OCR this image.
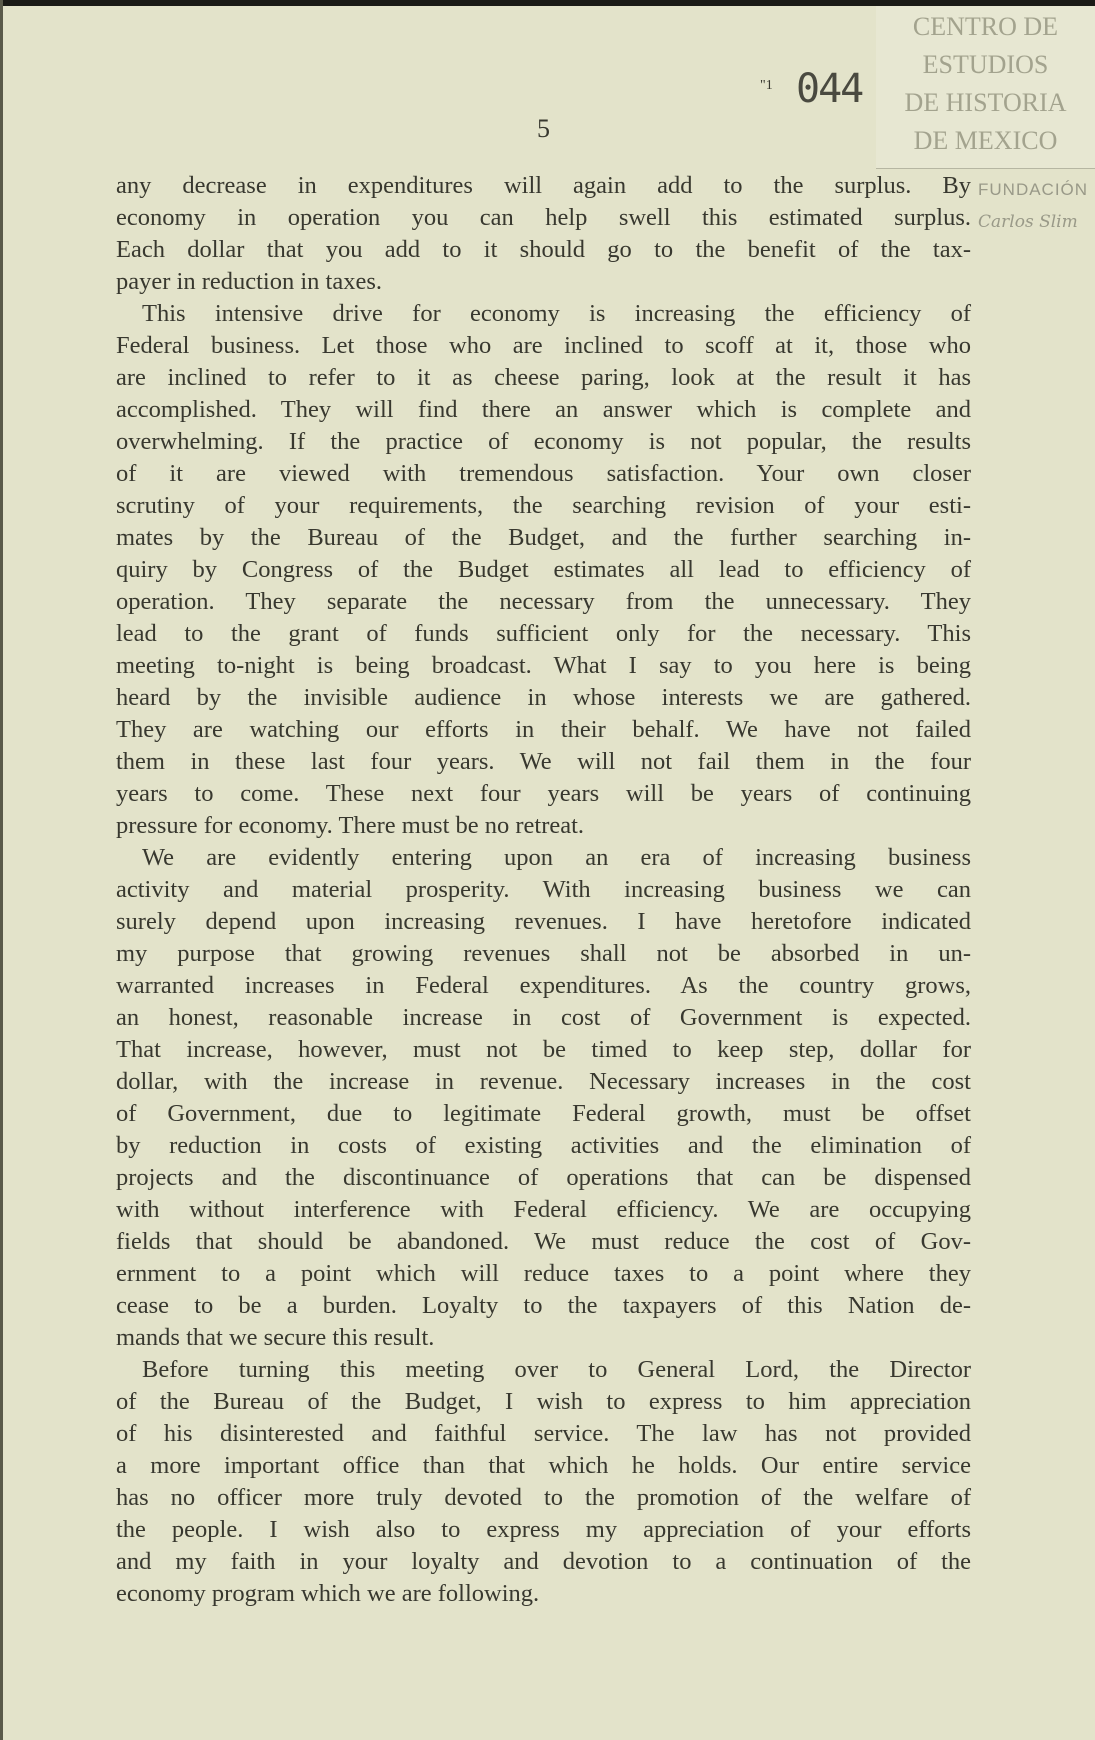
5
"1
CENTRO DE
ESTUDIOS
DE HISTORIA
DE MEXICO
044
FUNDACIÓN
Carlos Slim
any decrease in expenditures will again add to the surplus. By
economy in operation you can help swell this estimated surplus.
Each dollar that you add to it should go to the benefit of the tax-
payer in reduction in taxes.
This intensive drive for economy is increasing the efficiency of
Federal business. Let those who are inclined to scoff at it, those who
are inclined to refer to it as cheese paring, look at the result it has
accomplished. They will find there an answer which is complete and
overwhelming. If the practice of economy is not popular, the results
of it are viewed with tremendous satisfaction. Your own closer
scrutiny of your requirements, the searching revision of your esti-
mates by the Bureau of the Budget, and the further searching in-
quiry by Congress of the Budget estimates all lead to efficiency of
operation. They separate the necessary from the unnecessary. They
lead to the grant of funds sufficient only for the necessary. This
meeting to-night is being broadcast. What I say to you here is being
heard by the invisible audience in whose interests we are gathered.
They are watching our efforts in their behalf. We have not failed
them in these last four years. We will not fail them in the four
years to come. These next four years will be years of continuing
pressure for economy. There must be no retreat.
We are evidently entering upon an era of increasing business
activity and material prosperity. With increasing business we can
surely depend upon increasing revenues. I have heretofore indicated
my purpose that growing revenues shall not be absorbed in un-
warranted increases in Federal expenditures. As the country grows,
an honest, reasonable increase in cost of Government is expected.
That increase, however, must not be timed to keep step, dollar for
dollar, with the increase in revenue. Necessary increases in the cost
of Government, due to legitimate Federal growth, must be offset
by reduction in costs of existing activities and the elimination of
projects and the discontinuance of operations that can be dispensed
with without interference with Federal efficiency. We are occupying
fields that should be abandoned. We must reduce the cost of Gov-
ernment to a point which will reduce taxes to a point where they
cease to be a burden. Loyalty to the taxpayers of this Nation de-
mands that we secure this result.
Before turning this meeting over to General Lord, the Director
of the Bureau of the Budget, I wish to express to him appreciation
of his disinterested and faithful service. The law has not provided
a more important office than that which he holds. Our entire service
has no officer more truly devoted to the promotion of the welfare of
the people. I wish also to express my appreciation of your efforts
and my faith in your loyalty and devotion to a continuation of the
economy program which we are following.
